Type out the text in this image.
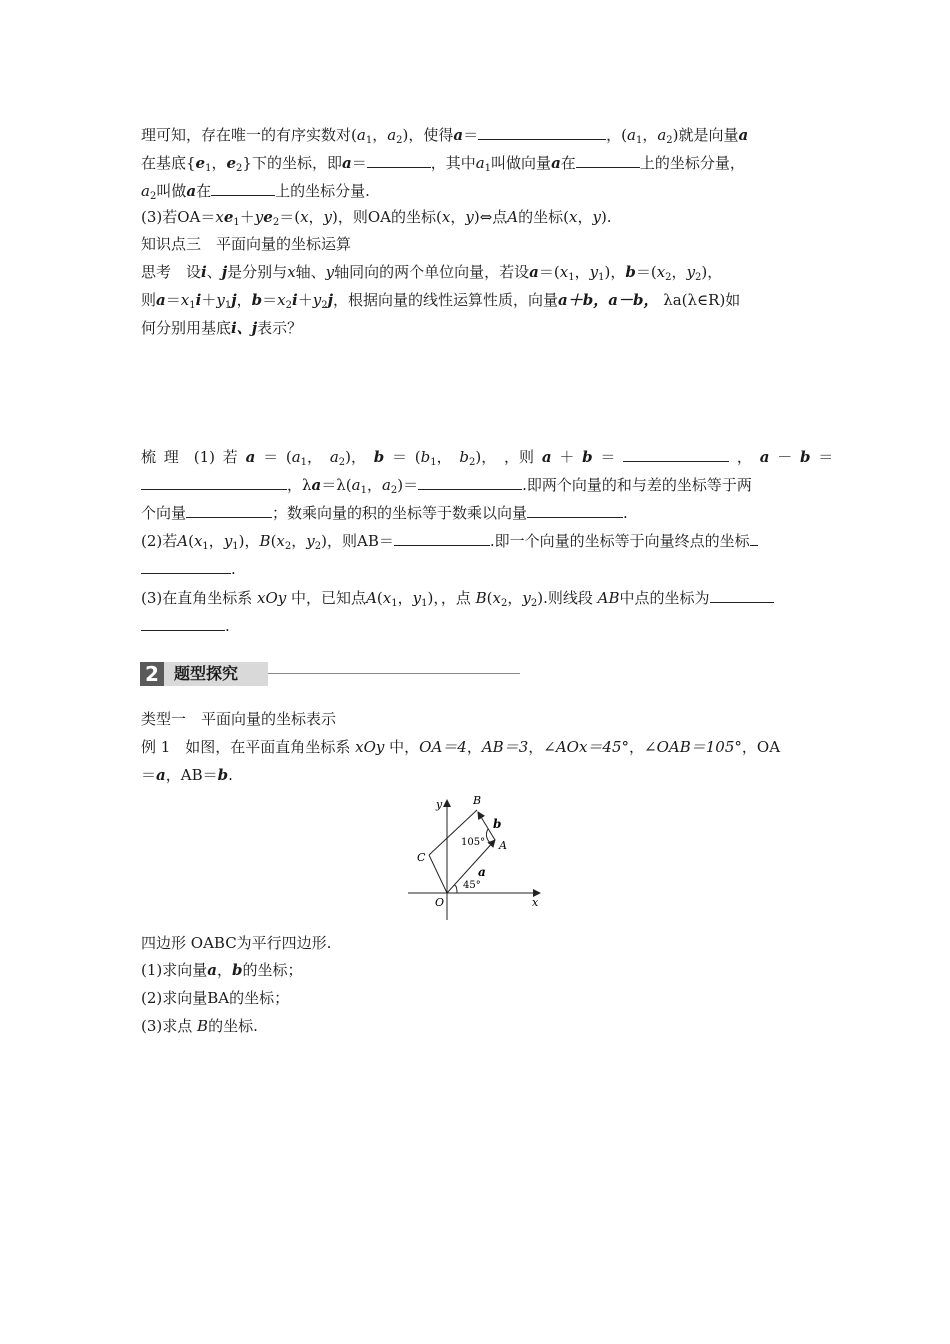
理可知，存在唯一的有序实数对($a_1$，$a_2$)，使得a＝	，($a_1$，$a_2$)就是向量a
在基底{$e_1$，$e_2$}下的坐标，即a＝	，其中$a_1$叫做向量a在	上的坐标分量，
$a_2$叫做a在	上的坐标分量.
(3)若$OA=xe_1+ye_2=(x$，y)，则OA的坐标(x，y)⇔点A的坐标(x，y).
知识点三　平面向量的坐标运算
思考　设i、j是分别与x轴、y轴同向的两个单位向量，若设$a=(x_1$，$y_1$)，$b=(x_2$，$y_2$)，
则$a=x_1i+y_1j$，$b=x_2i+y_2j$，根据向量的线性运算性质，向量a＋b，a－b， λa(λ∈R)如
何分别用基底i、j表示？
梳 理　(1) 若 $a = (a_1$， $a_2$)， $b = (b_1$， $b_2$)， ，则 a ＋ b ＝	， a － b ＝
，$\lambda a=\lambda(a_1$，$a_2)=$	.即两个向量的和与差的坐标等于两
个向量	；数乘向量的积的坐标等于数乘以向量	.
(2)若$A(x_1$，$y_1$)，$B(x_2$，$y_2$)，则AB＝	.即一个向量的坐标等于向量终点的坐标
.
(3)在直角坐标系 xOy 中，已知点$A(x_1$，$y_1$)，，点 $B(x_2$，$y_2$).则线段 AB中点的坐标为
.
2 题型探究
类型一　平面向量的坐标表示
例 1　如图，在平面直角坐标系 xOy 中，OA＝4，AB＝3，∠AOx＝45°，∠OAB＝105°，OA
＝a，AB＝b.
y
x
O
A
B
C
a
b
105°
45°
四边形 OABC为平行四边形.
(1)求向量a，b的坐标；
(2)求向量BA的坐标；
(3)求点 B的坐标.
